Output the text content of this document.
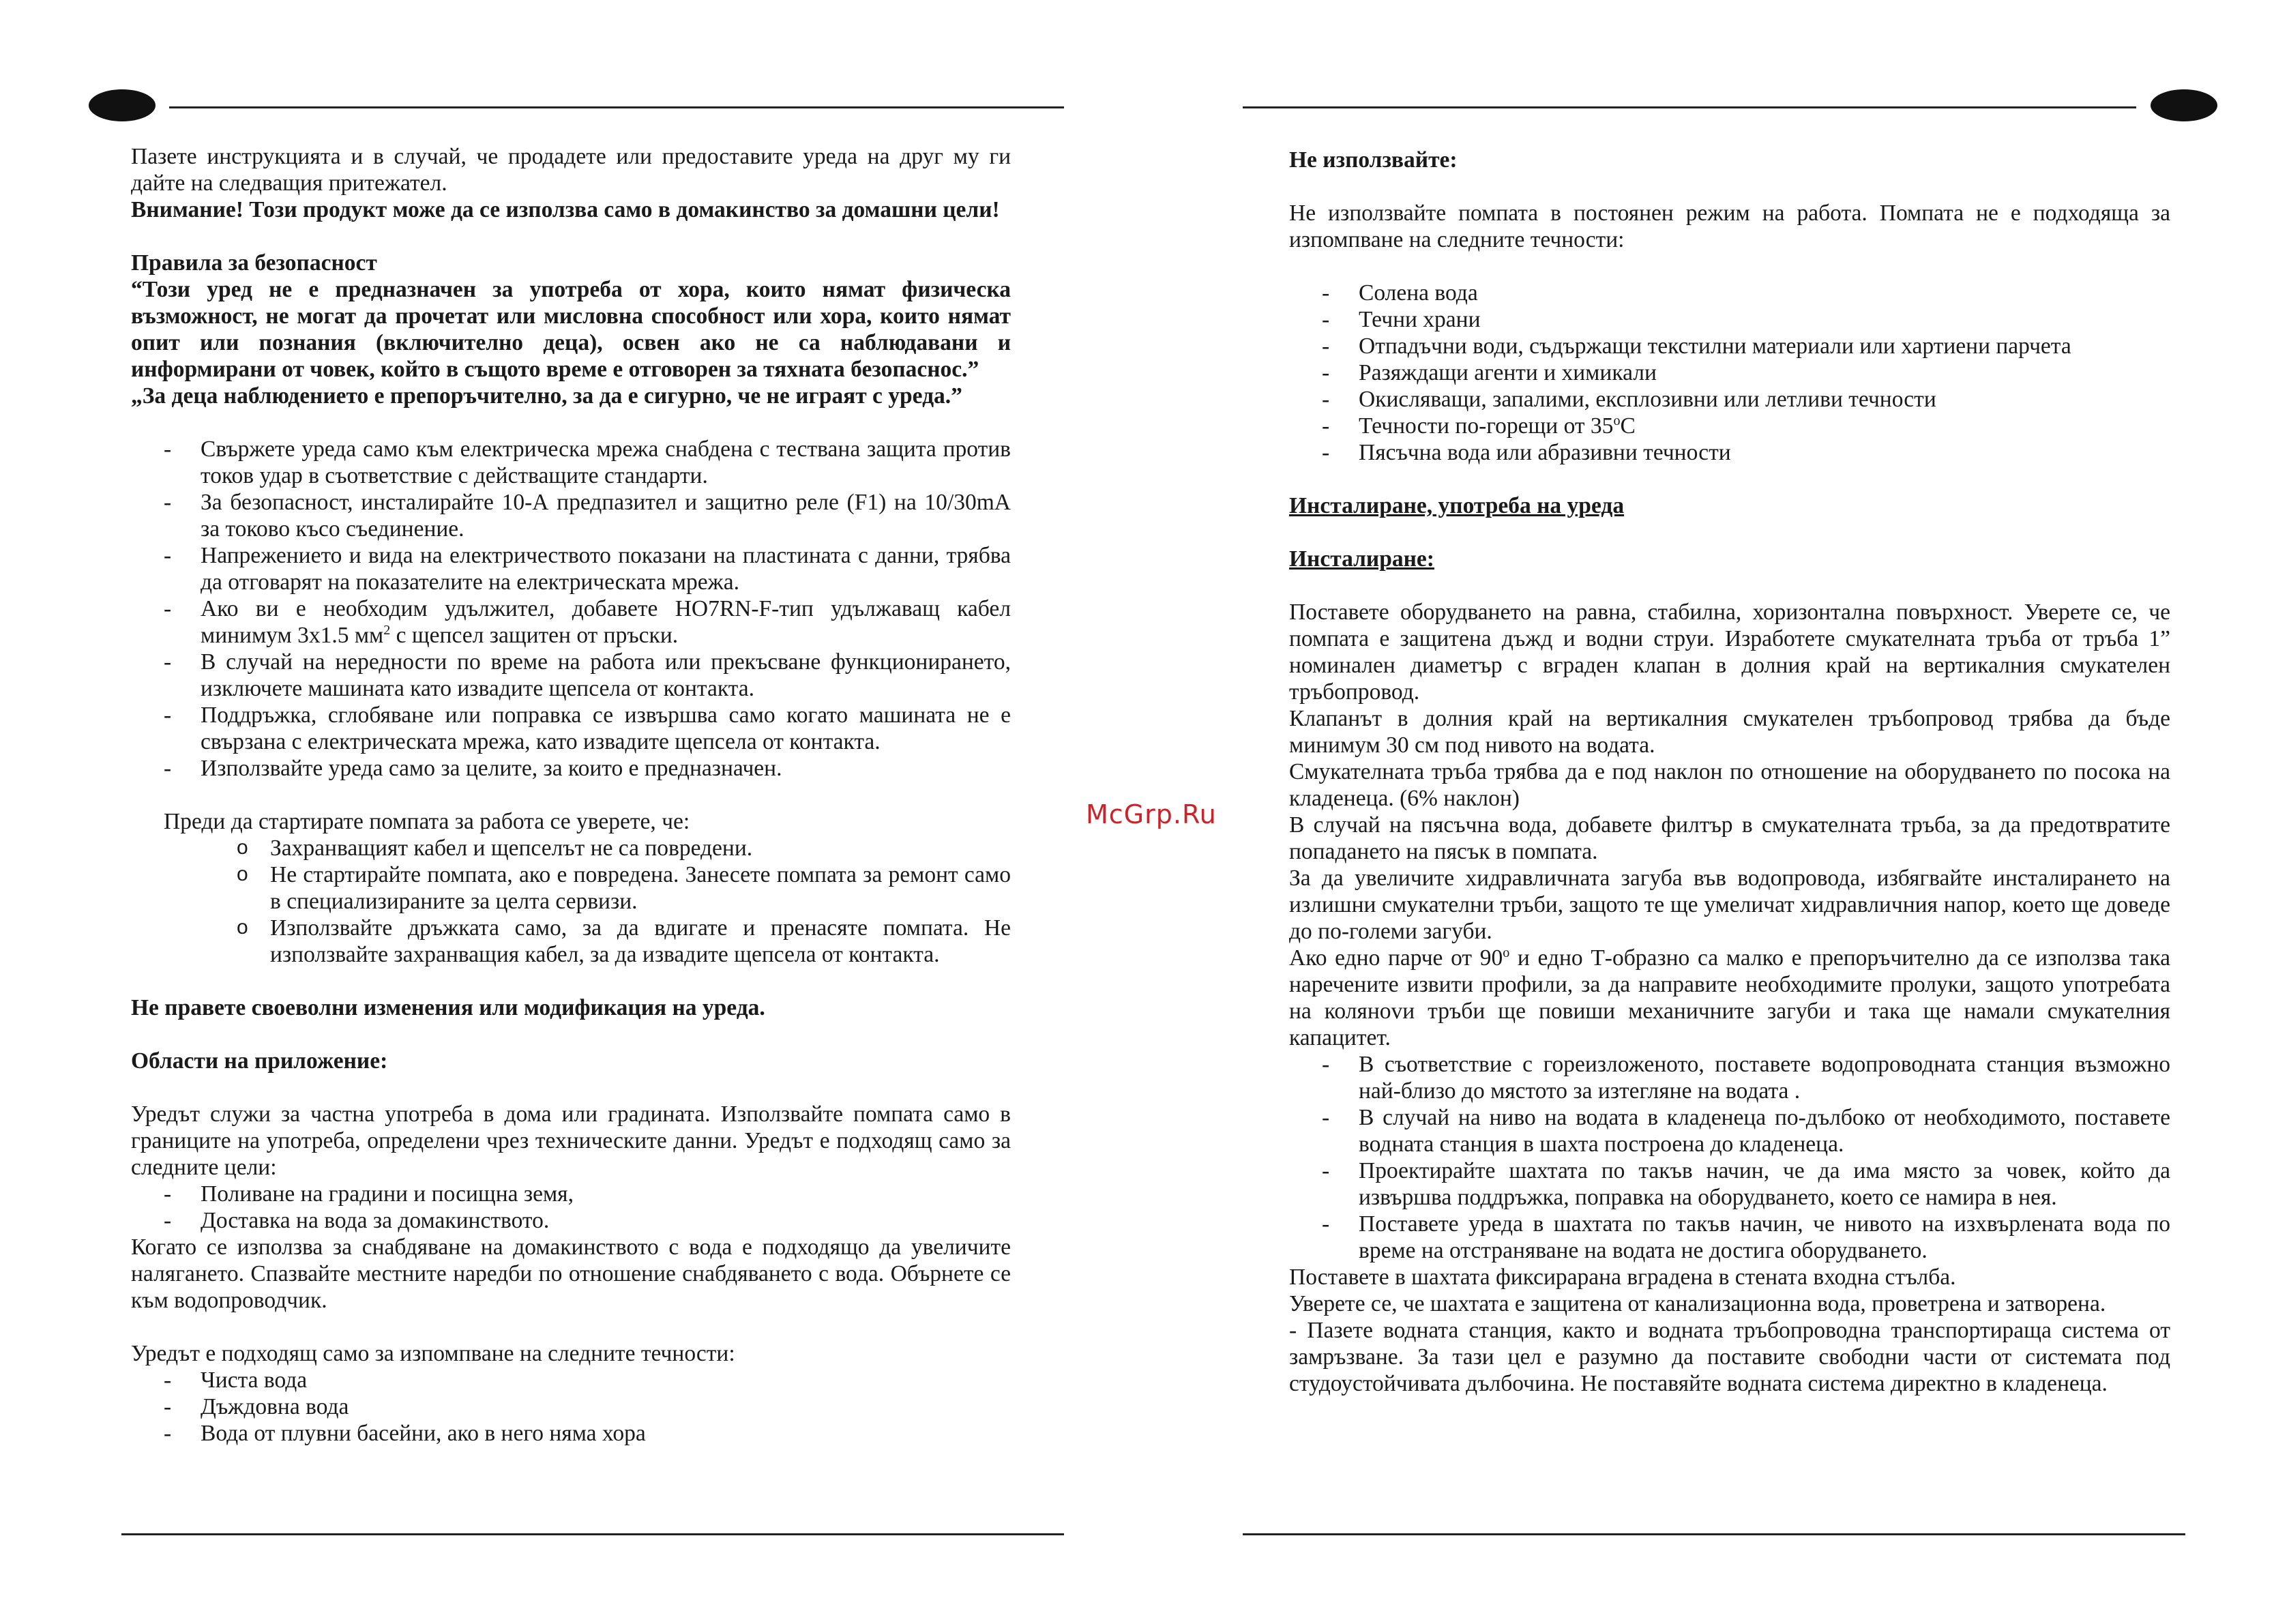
Пазете инструкцията и в случай, че продадете или предоставите уреда на друг му ги дайте на следващия притежател.

Внимание! Този продукт може да се използва само в домакинство за домашни цели!

Правила за безопасност

“Този уред не е предназначен за употреба от хора, които нямат физическа възможност, не могат да прочетат или мисловна способност или хора, които нямат опит или познания (включително деца), освен ако не са наблюдавани и информирани от човек, който в същото време е отговорен за тяхната безопаснос.”

„За деца наблюдението е препоръчително, за да е сигурно, че не играят с уреда.”

- Свържете уреда само към електрическа мрежа снабдена с тествана защита против токов удар в съответствие с действащите стандарти.
- За безопасност, инсталирайте 10-А предпазител и защитно реле (F1) на 10/30mA за токово късо съединение.
- Напрежението и вида на електричеството показани на пластината с данни, трябва да отговарят на показателите на електрическата мрежа.
- Ако ви е необходим удължител, добавете HO7RN-F-тип удължаващ кабел минимум 3x1.5 $мм^2$ с щепсел защитен от пръски.
- В случай на нередности по време на работа или прекъсване функционирането, изключете машината като извадите щепсела от контакта.
- Поддръжка, сглобяване или поправка се извършва само когато машината не е свързана с електрическата мрежа, като извадите щепсела от контакта.
- Използвайте уреда само за целите, за които е предназначен.

Преди да стартирате помпата за работа се уверете, че:

o Захранващият кабел и щепселът не са повредени.
o Не стартирайте помпата, ако е повредена. Занесете помпата за ремонт само в специализираните за целта сервизи.
o Използвайте дръжката само, за да вдигате и пренасяте помпата. Не използвайте захранващия кабел, за да извадите щепсела от контакта.

Не правете своеволни изменения или модификация на уреда.

Области на приложение:

Уредът служи за частна употреба в дома или градината. Използвайте помпата само в границите на употреба, определени чрез техническите данни. Уредът е подходящ само за следните цели:

- Поливане на градини и посищна земя,
- Доставка на вода за домакинството.

Когато се използва за снабдяване на домакинството с вода е подходящо да увеличите налягането. Спазвайте местните наредби по отношение снабдяването с вода. Обърнете се към водопроводчик.

Уредът е подходящ само за изпомпване на следните течности:

- Чиста вода
- Дъждовна вода
- Вода от плувни басейни, ако в него няма хора
McGrp.Ru

Не използвайте:

Не използвайте помпата в постоянен режим на работа. Помпата не е подходяща за изпомпване на следните течности:

- Солена вода
- Течни храни
- Отпадъчни води, съдържащи текстилни материали или хартиени парчета
- Разяждащи агенти и химикали
- Окисляващи, запалими, експлозивни или летливи течности
- Течности по-горещи от $35^оС$
- Пясъчна вода или абразивни течности

Инсталиране, употреба на уреда

Инсталиране:

Поставете оборудването на равна, стабилна, хоризонтална повърхност. Уверете се, че помпата е защитена дъжд и водни струи. Изработете смукателната тръба от тръба 1” номинален диаметър с вграден клапан в долния край на вертикалния смукателен тръбопровод.

Клапанът в долния край на вертикалния смукателен тръбопровод трябва да бъде минимум 30 см под нивото на водата.

Смукателната тръба трябва да е под наклон по отношение на оборудването по посока на кладенеца. (6% наклон)

В случай на пясъчна вода, добавете филтър в смукателната тръба, за да предотвратите попадането на пясък в помпата.

За да увеличите хидравличната загуба във водопровода, избягвайте инсталирането на излишни смукателни тръби, защото те ще умеличат хидравличния напор, което ще доведе до по-големи загуби.

Ако едно парче от $90^о$ и едно Т-образно са малко е препоръчително да се използва така наречените извити профили, за да направите необходимите пролуки, защото употребата на коляноvи тръби ще повиши механичните загуби и така ще намали смукателния капацитет.

- В съответствие с гореизложеното, поставете водопроводната станция възможно най-близо до мястото за изтегляне на водата .
- В случай на ниво на водата в кладенеца по-дълбоко от необходимото, поставете водната станция в шахта построена до кладенеца.
- Проектирайте шахтата по такъв начин, че да има място за човек, който да извършва поддръжка, поправка на оборудването, което се намира в нея.
- Поставете уреда в шахтата по такъв начин, че нивото на изхвърлената вода по време на отстраняване на водата не достига оборудването.

Поставете в шахтата фиксирарана вградена в стената входна стълба.

Уверете се, че шахтата е защитена от канализационна вода, проветрена и затворена.

- Пазете водната станция, както и водната тръбопроводна транспортираща система от замръзване. За тази цел е разумно да поставите свободни части от системата под студоустойчивата дълбочина. Не поставяйте водната система директно в кладенеца.
